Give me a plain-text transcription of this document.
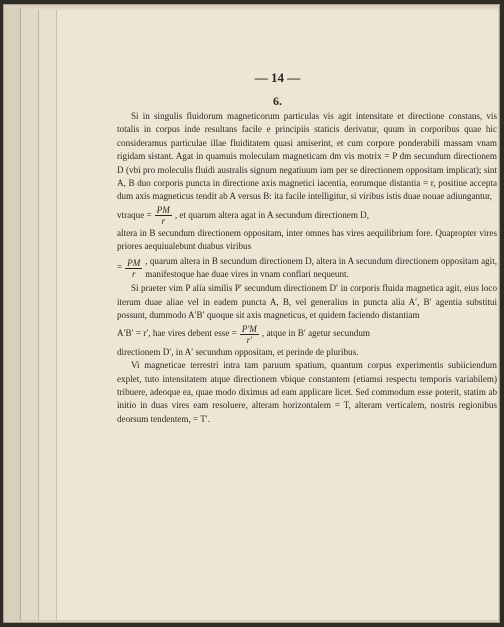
— 14 —
6.

Si in singulis fluidorum magneticorum particulas vis agit intensitate et directione constans, vis totalis in corpus inde resultans facile e principiis staticis derivatur, quum in corporibus quae hic consideramus particulae illae fluiditatem quasi amiserint, et cum corpore ponderabili massam vnam rigidam sistant. Agat in quamuis moleculam magneticam dm vis motrix = P dm secundum directionem D (vbi pro moleculis fluidi australis signum negatiuum iam per se directionem oppositam implicat); sint A, B duo corporis puncta in directione axis magnetici iacentia, eorumque distantia = r, positiue accepta dum axis magneticus tendit ab A versus B: ita facile intelligitur, si viribus istis duae nouae adiungantur,

vtraque = $\frac{PM}{r}$ , et quarum altera agat in A secundum directionem D,
altera in B secundum directionem oppositam, inter omnes has vires aequilibrium fore. Quapropter vires priores aequiualebunt duabus viribus
= $\frac{PM}{r}$ , quarum altera in B secundum directionem D, altera in A secundum directionem oppositam agit, manifestoque hae duae vires in vnam conflari nequeunt.

Si praeter vim P alia similis P′ secundum directionem D′ in corporis fluida magnetica agit, eius loco iterum duae aliae vel in eadem puncta A, B, vel generalius in puncta alia A′, B′ agentia substitui possunt, dummodo A′B′ quoque sit axis magneticus, et quidem faciendo distantiam

A′B′ = r′, hae vires debent esse = $\frac{P'M}{r'}$ , atque in B′ agetur secundum
directionem D′, in A′ secundum oppositam, et perinde de pluribus.

Vi magneticae terrestri intra tam paruum spatium, quantum corpus experimentis subiiciendum explet, tuto intensitatem atque directionem vbique constantem (etiamsi respectu temporis variabilem) tribuere, adeoque ea, quae modo diximus ad eam applicare licet. Sed commodum esse poterit, statim ab initio in duas vires eam resoluere, alteram horizontalem = T, alteram verticalem, nostris regionibus deorsum tendentem, = T′.
